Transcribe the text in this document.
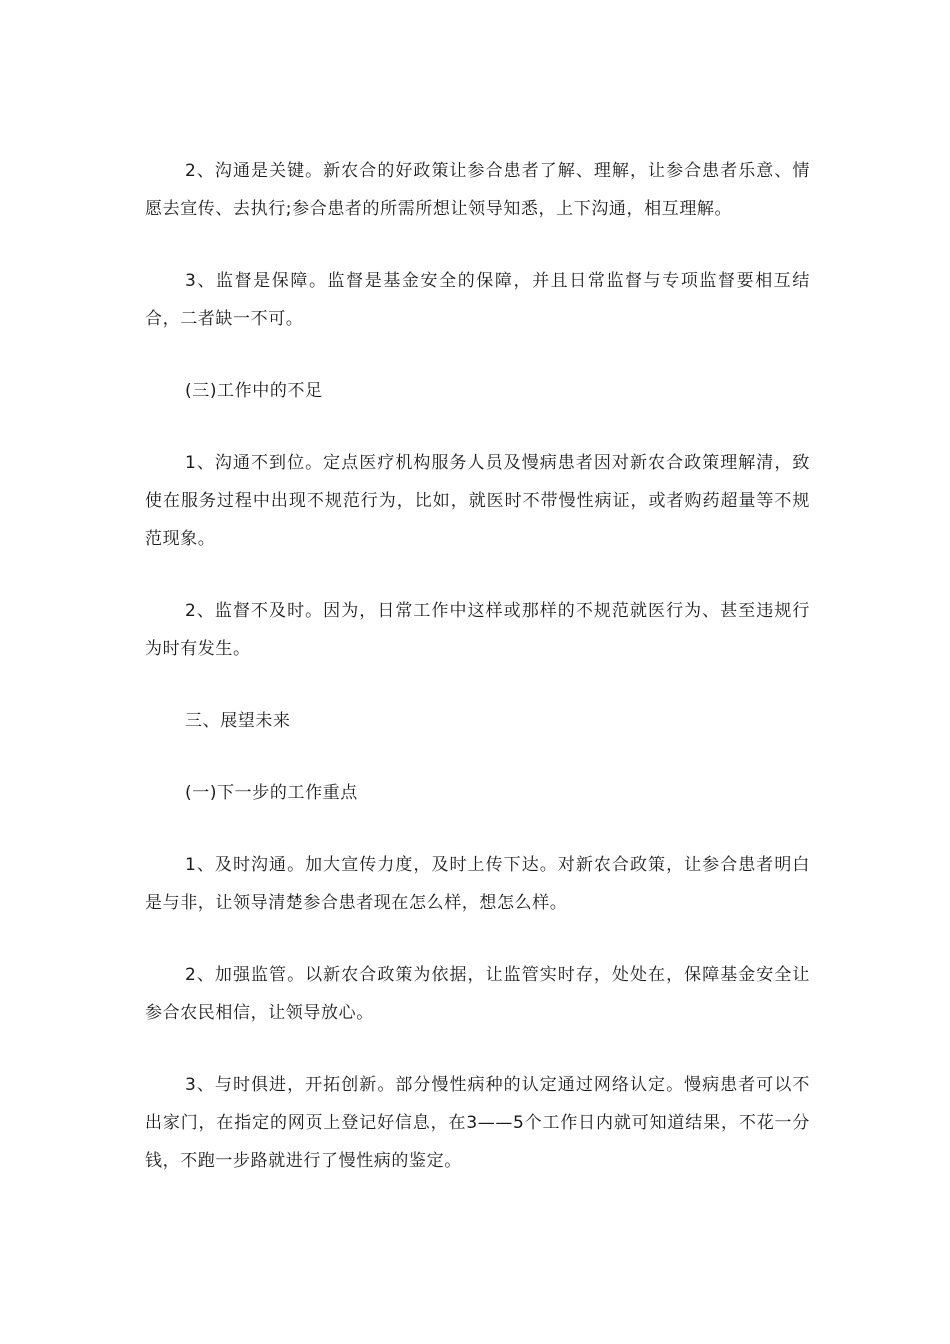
2、沟通是关键。新农合的好政策让参合患者了解、理解，让参合患者乐意、情愿去宣传、去执行;参合患者的所需所想让领导知悉，上下沟通，相互理解。

3、监督是保障。监督是基金安全的保障，并且日常监督与专项监督要相互结合，二者缺一不可。

(三)工作中的不足

1、沟通不到位。定点医疗机构服务人员及慢病患者因对新农合政策理解清，致使在服务过程中出现不规范行为，比如，就医时不带慢性病证，或者购药超量等不规范现象。

2、监督不及时。因为，日常工作中这样或那样的不规范就医行为、甚至违规行为时有发生。

三、展望未来

(一)下一步的工作重点

1、及时沟通。加大宣传力度，及时上传下达。对新农合政策，让参合患者明白是与非，让领导清楚参合患者现在怎么样，想怎么样。

2、加强监管。以新农合政策为依据，让监管实时存，处处在，保障基金安全让参合农民相信，让领导放心。

3、与时俱进，开拓创新。部分慢性病种的认定通过网络认定。慢病患者可以不出家门，在指定的网页上登记好信息，在3——5个工作日内就可知道结果，不花一分钱，不跑一步路就进行了慢性病的鉴定。
